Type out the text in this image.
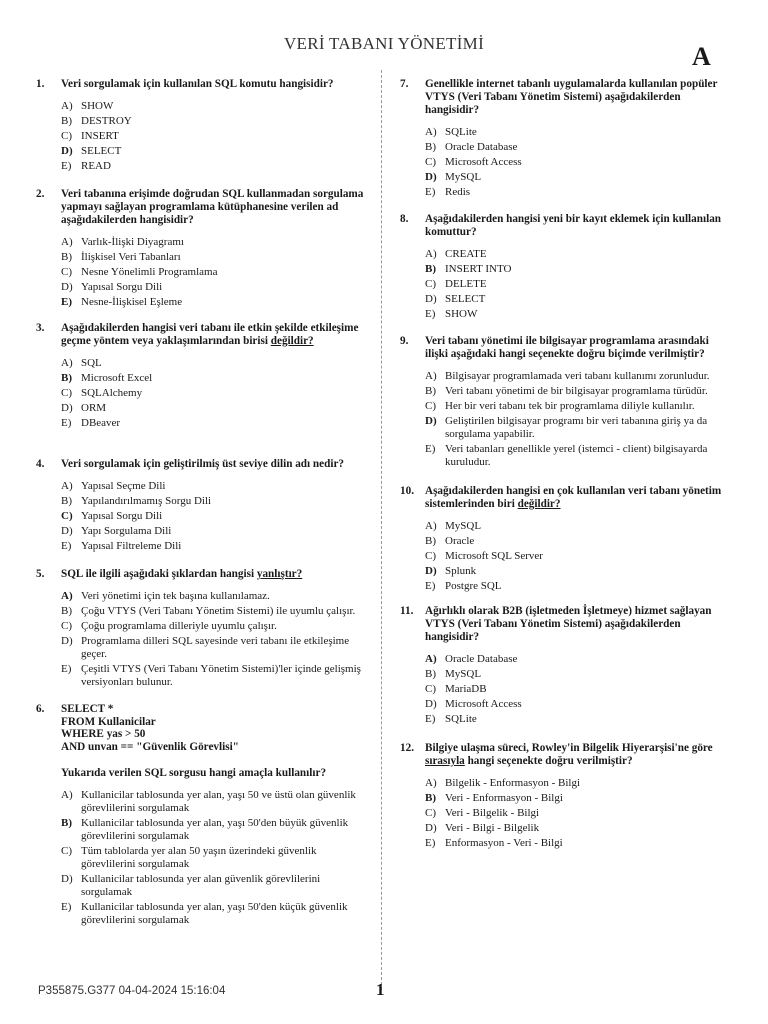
VERİ TABANI YÖNETİMİ	A
1.	Veri sorgulamak için kullanılan SQL komutu hangisidir?
A) SHOW
B) DESTROY
C) INSERT
D) SELECT
E) READ
2.	Veri tabanına erişimde doğrudan SQL kullanmadan sorgulama yapmayı sağlayan programlama kütüphanesine verilen ad aşağıdakilerden hangisidir?
A) Varlık-İlişki Diyagramı
B) İlişkisel Veri Tabanları
C) Nesne Yönelimli Programlama
D) Yapısal Sorgu Dili
E) Nesne-İlişkisel Eşleme
3.	Aşağıdakilerden hangisi veri tabanı ile etkin şekilde etkileşime geçme yöntem veya yaklaşımlarından birisi değildir?
A) SQL
B) Microsoft Excel
C) SQLAlchemy
D) ORM
E) DBeaver
4.	Veri sorgulamak için geliştirilmiş üst seviye dilin adı nedir?
A) Yapısal Seçme Dili
B) Yapılandırılmamış Sorgu Dili
C) Yapısal Sorgu Dili
D) Yapı Sorgulama Dili
E) Yapısal Filtreleme Dili
5.	SQL ile ilgili aşağıdaki şıklardan hangisi yanlıştır?
A) Veri yönetimi için tek başına kullanılamaz.
B) Çoğu VTYS (Veri Tabanı Yönetim Sistemi) ile uyumlu çalışır.
C) Çoğu programlama dilleriyle uyumlu çalışır.
D) Programlama dilleri SQL sayesinde veri tabanı ile etkileşime geçer.
E) Çeşitli VTYS (Veri Tabanı Yönetim Sistemi)'ler içinde gelişmiş versiyonları bulunur.
6.	SELECT *
FROM Kullanicilar
WHERE yas > 50
AND unvan == "Güvenlik Görevlisi"
Yukarıda verilen SQL sorgusu hangi amaçla kullanılır?
A) Kullanicilar tablosunda yer alan, yaşı 50 ve üstü olan güvenlik görevlilerini sorgulamak
B) Kullanicilar tablosunda yer alan, yaşı 50'den büyük güvenlik görevlilerini sorgulamak
C) Tüm tablolarda yer alan 50 yaşın üzerindeki güvenlik görevlilerini sorgulamak
D) Kullanicilar tablosunda yer alan güvenlik görevlilerini sorgulamak
E) Kullanicilar tablosunda yer alan, yaşı 50'den küçük güvenlik görevlilerini sorgulamak
7.	Genellikle internet tabanlı uygulamalarda kullanılan popüler VTYS (Veri Tabanı Yönetim Sistemi) aşağıdakilerden hangisidir?
A) SQLite
B) Oracle Database
C) Microsoft Access
D) MySQL
E) Redis
8.	Aşağıdakilerden hangisi yeni bir kayıt eklemek için kullanılan komuttur?
A) CREATE
B) INSERT INTO
C) DELETE
D) SELECT
E) SHOW
9.	Veri tabanı yönetimi ile bilgisayar programlama arasındaki ilişki aşağıdaki hangi seçenekte doğru biçimde verilmiştir?
A) Bilgisayar programlamada veri tabanı kullanımı zorunludur.
B) Veri tabanı yönetimi de bir bilgisayar programlama türüdür.
C) Her bir veri tabanı tek bir programlama diliyle kullanılır.
D) Geliştirilen bilgisayar programı bir veri tabanına giriş ya da sorgulama yapabilir.
E) Veri tabanları genellikle yerel (istemci - client) bilgisayarda kuruludur.
10. Aşağıdakilerden hangisi en çok kullanılan veri tabanı yönetim sistemlerinden biri değildir?
A) MySQL
B) Oracle
C) Microsoft SQL Server
D) Splunk
E) Postgre SQL
11.	Ağırlıklı olarak B2B (işletmeden İşletmeye) hizmet sağlayan VTYS (Veri Tabanı Yönetim Sistemi) aşağıdakilerden hangisidir?
A) Oracle Database
B) MySQL
C) MariaDB
D) Microsoft Access
E) SQLite
12. Bilgiye ulaşma süreci, Rowley'in Bilgelik Hiyerarşisi'ne göre sırasıyla hangi seçenekte doğru verilmiştir?
A) Bilgelik - Enformasyon - Bilgi
B) Veri - Enformasyon - Bilgi
C) Veri - Bilgelik - Bilgi
D) Veri - Bilgi - Bilgelik
E) Enformasyon - Veri - Bilgi
P355875.G377 04-04-2024 15:16:04	1
